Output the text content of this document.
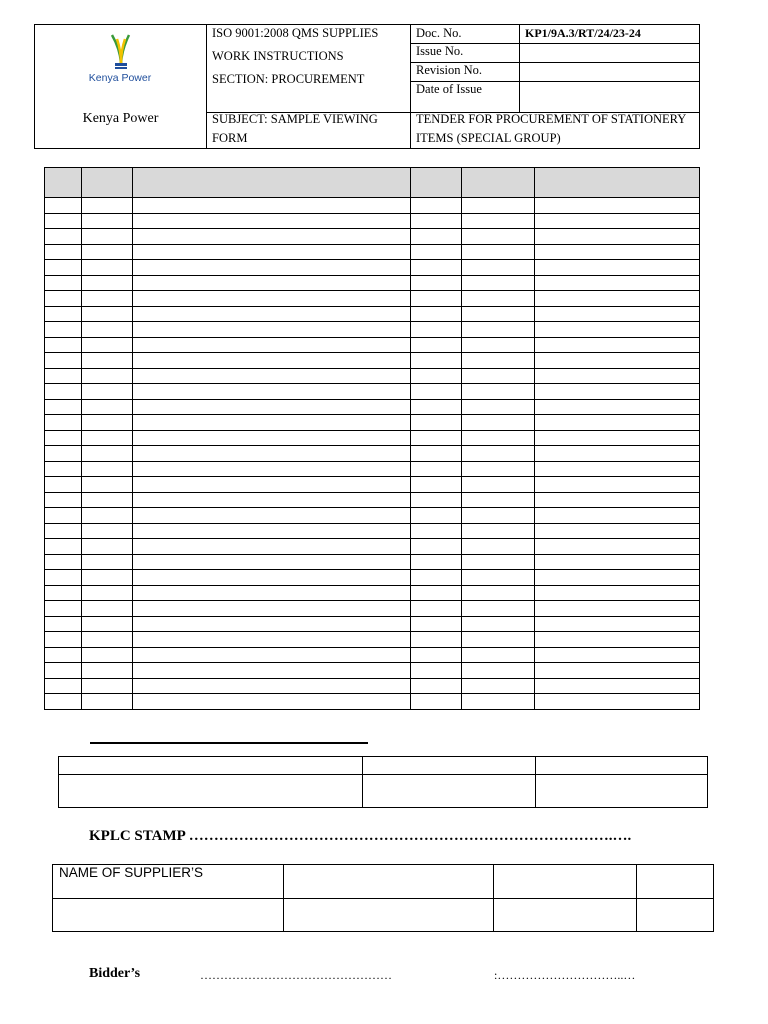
Kenya Power
Kenya Power
ISO 9001:2008 QMS SUPPLIES
WORK INSTRUCTIONS
SECTION: PROCUREMENT
SUBJECT: SAMPLE VIEWING FORM
Doc. No.	KP1/9A.3/RT/24/23-24
Issue No.
Revision No.
Date of Issue
TENDER FOR PROCUREMENT OF STATIONERY ITEMS (SPECIAL GROUP)

KPLC STAMP ………………………………………………………………………….….
NAME OF SUPPLIER’S			

Bidder’s	…………………………………………	:…………………………..…
